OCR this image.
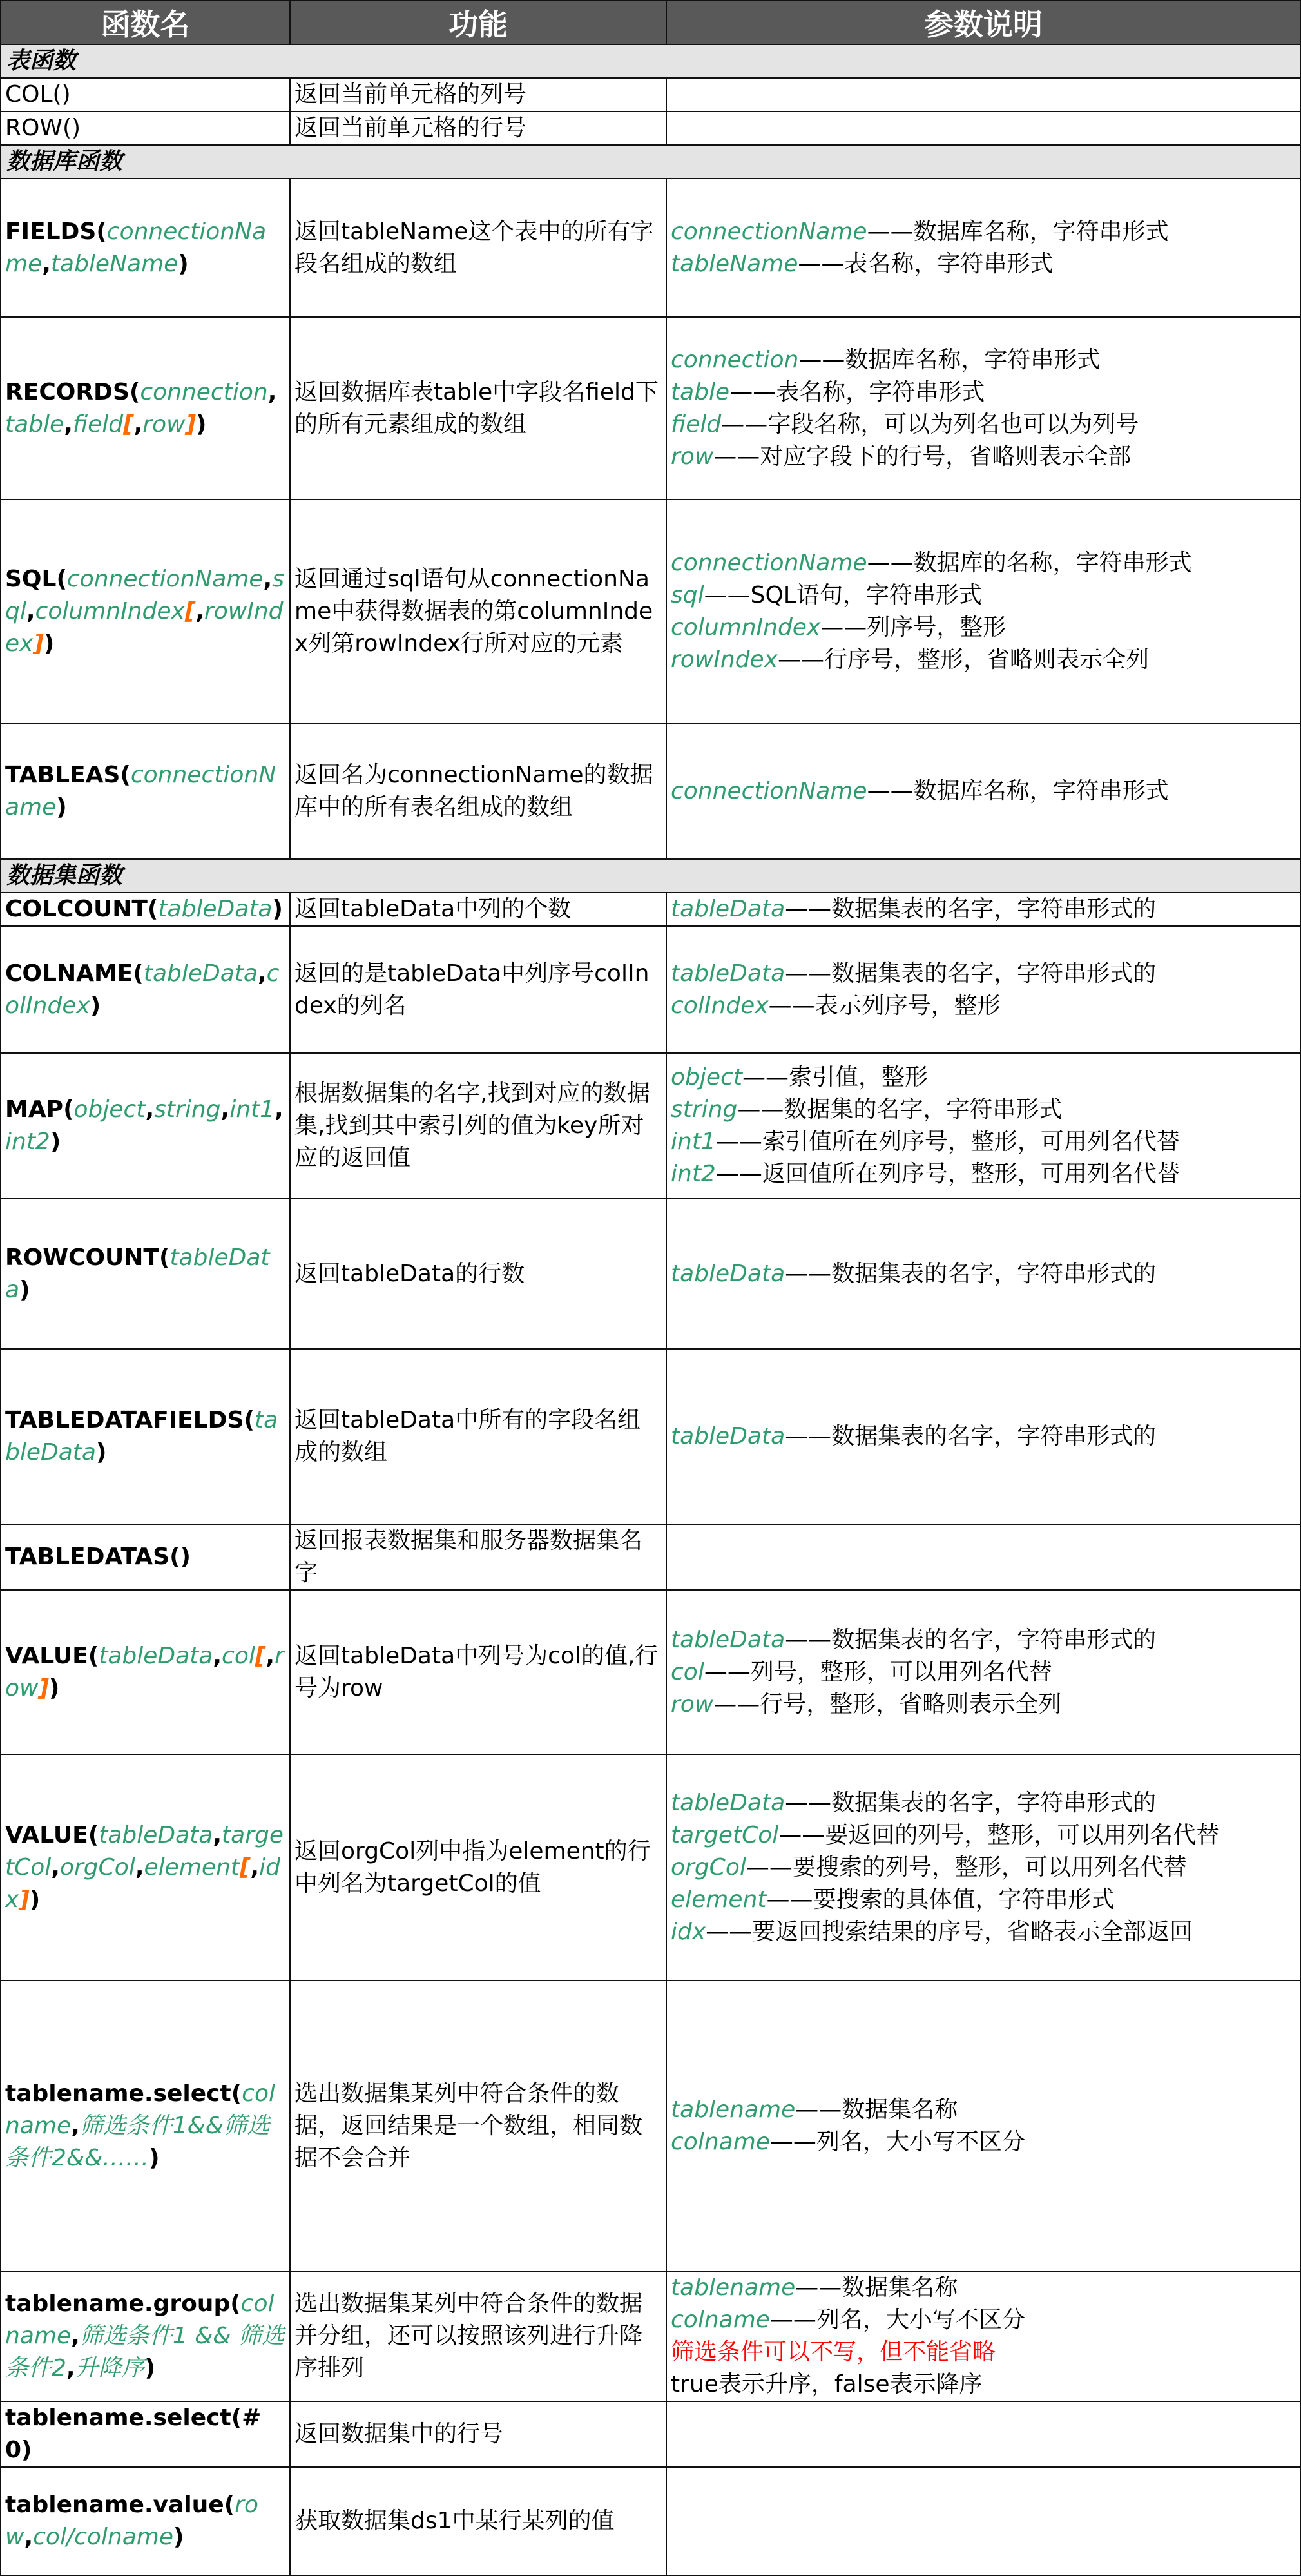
函数名	功能	参数说明
表函数		
COL()	返回当前单元格的列号	
ROW()	返回当前单元格的行号	
数据库函数		
FIELDS(connectionName,tableName)	返回tableName这个表中的所有字段名组成的数组	connectionName——数据库名称，字符串形式
tableName——表名称，字符串形式

RECORDS(connection,table,field[,row])	返回数据库表table中字段名field下的所有元素组成的数组	connection——数据库名称，字符串形式
table——表名称，字符串形式
field——字段名称，可以为列名也可以为列号
row——对应字段下的行号，省略则表示全部

SQL(connectionName,sql,columnIndex[,rowIndex])	返回通过sql语句从connectionName中获得数据表的第columnIndex列第rowIndex行所对应的元素	connectionName——数据库的名称，字符串形式
sql——SQL语句，字符串形式
columnIndex——列序号，整形
rowIndex——行序号，整形，省略则表示全列

TABLEAS(connectionName)	返回名为connectionName的数据库中的所有表名组成的数组	connectionName——数据库名称，字符串形式

数据集函数		
COLCOUNT(tableData)	返回tableData中列的个数	tableData——数据集表的名字，字符串形式的

COLNAME(tableData,colIndex)	返回的是tableData中列序号colIndex的列名	tableData——数据集表的名字，字符串形式的
colIndex——表示列序号，整形

MAP(object,string,int1,int2)	根据数据集的名字,找到对应的数据集,找到其中索引列的值为key所对应的返回值	object——索引值，整形
string——数据集的名字，字符串形式
int1——索引值所在列序号，整形，可用列名代替
int2——返回值所在列序号，整形，可用列名代替

ROWCOUNT(tableData)	返回tableData的行数	tableData——数据集表的名字，字符串形式的

TABLEDATAFIELDS(tableData)	返回tableData中所有的字段名组成的数组	tableData——数据集表的名字，字符串形式的

TABLEDATAS()	返回报表数据集和服务器数据集名字	
VALUE(tableData,col[,row])	返回tableData中列号为col的值,行号为row	tableData——数据集表的名字，字符串形式的
col——列号，整形，可以用列名代替
row——行号，整形，省略则表示全列

VALUE(tableData,targetCol,orgCol,element[,idx])	返回orgCol列中指为element的行中列名为targetCol的值	tableData——数据集表的名字，字符串形式的
targetCol——要返回的列号，整形，可以用列名代替
orgCol——要搜索的列号，整形，可以用列名代替
element——要搜索的具体值，字符串形式
idx——要返回搜索结果的序号，省略表示全部返回

tablename.select(colname,筛选条件1&&筛选条件2&&……)	选出数据集某列中符合条件的数据，返回结果是一个数组，相同数据不会合并	tablename——数据集名称
colname——列名，大小写不区分

tablename.group(colname,筛选条件1 && 筛选条件2,升降序)	选出数据集某列中符合条件的数据并分组，还可以按照该列进行升降序排列	tablename——数据集名称
colname——列名，大小写不区分
筛选条件可以不写，但不能省略
true表示升序，false表示降序

tablename.select(#0)	返回数据集中的行号	
tablename.value(row,col/colname)	获取数据集ds1中某行某列的值	
